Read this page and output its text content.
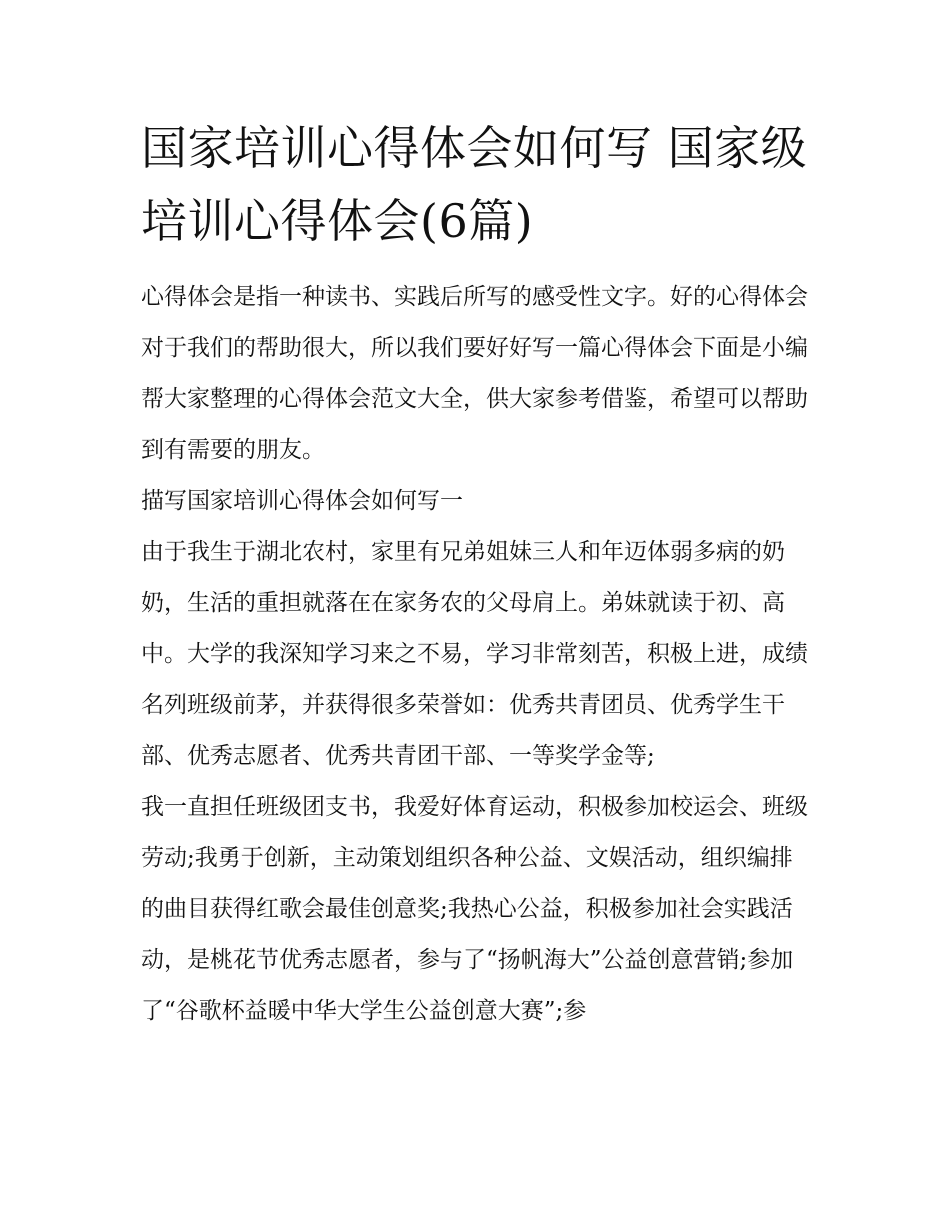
国家培训心得体会如何写 国家级培训心得体会(6篇)

心得体会是指一种读书、实践后所写的感受性文字。好的心得体会对于我们的帮助很大，所以我们要好好写一篇心得体会下面是小编帮大家整理的心得体会范文大全，供大家参考借鉴，希望可以帮助到有需要的朋友。

描写国家培训心得体会如何写一

由于我生于湖北农村，家里有兄弟姐妹三人和年迈体弱多病的奶奶，生活的重担就落在在家务农的父母肩上。弟妹就读于初、高中。大学的我深知学习来之不易，学习非常刻苦，积极上进，成绩名列班级前茅，并获得很多荣誉如：优秀共青团员、优秀学生干部、优秀志愿者、优秀共青团干部、一等奖学金等;

我一直担任班级团支书，我爱好体育运动，积极参加校运会、班级劳动;我勇于创新，主动策划组织各种公益、文娱活动，组织编排的曲目获得红歌会最佳创意奖;我热心公益，积极参加社会实践活动，是桃花节优秀志愿者，参与了“扬帆海大”公益创意营销;参加了“谷歌杯益暖中华大学生公益创意大赛”;参
